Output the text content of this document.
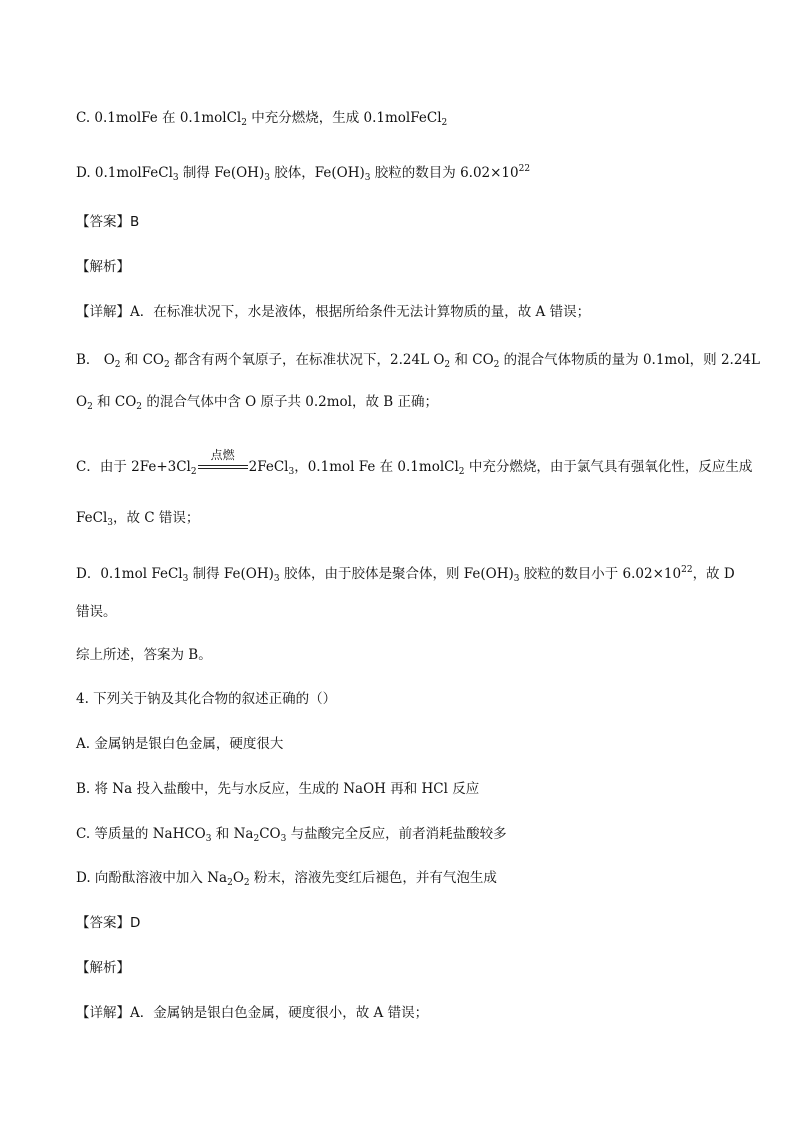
C. 0.1molFe 在 0.1molCl$_2$ 中充分燃烧，生成 0.1molFeCl$_2$
D. 0.1molFeCl$_3$ 制得 $Fe(OH)_3$ 胶体，$Fe(OH)_3$ 胶粒的数目为 $6.02\times 10^{22}$
【答案】B
【解析】
【详解】A．在标准状况下，水是液体，根据所给条件无法计算物质的量，故 A 错误；
B． $O_2$ 和 $CO_2$ 都含有两个氧原子，在标准状况下，2.24L $O_2$ 和 $CO_2$ 的混合气体物质的量为 0.1mol，则 2.24L
$O_2$ 和 $CO_2$ 的混合气体中含 O 原子共 0.2mol，故 B 正确；
C．由于 $2Fe+3Cl_2$
点燃
2FeCl$_3$，0.1mol Fe 在 0.1molCl$_2$ 中充分燃烧，由于氯气具有强氧化性，反应生成
FeCl$_3$，故 C 错误；
D．0.1mol FeCl$_3$ 制得 $Fe(OH)_3$ 胶体，由于胶体是聚合体，则 $Fe(OH)_3$ 胶粒的数目小于 $6.02\times 10^{22}$，故 D
错误。
综上所述，答案为 B。
4. 下列关于钠及其化合物的叙述正确的（）
A. 金属钠是银白色金属，硬度很大
B. 将 Na 投入盐酸中，先与水反应，生成的 NaOH 再和 HCl 反应
C. 等质量的 NaHCO$_3$ 和 $Na_2CO_3$ 与盐酸完全反应，前者消耗盐酸较多
D. 向酚酞溶液中加入 $Na_2O_2$ 粉末，溶液先变红后褪色，并有气泡生成
【答案】D
【解析】
【详解】A．金属钠是银白色金属，硬度很小，故 A 错误；
